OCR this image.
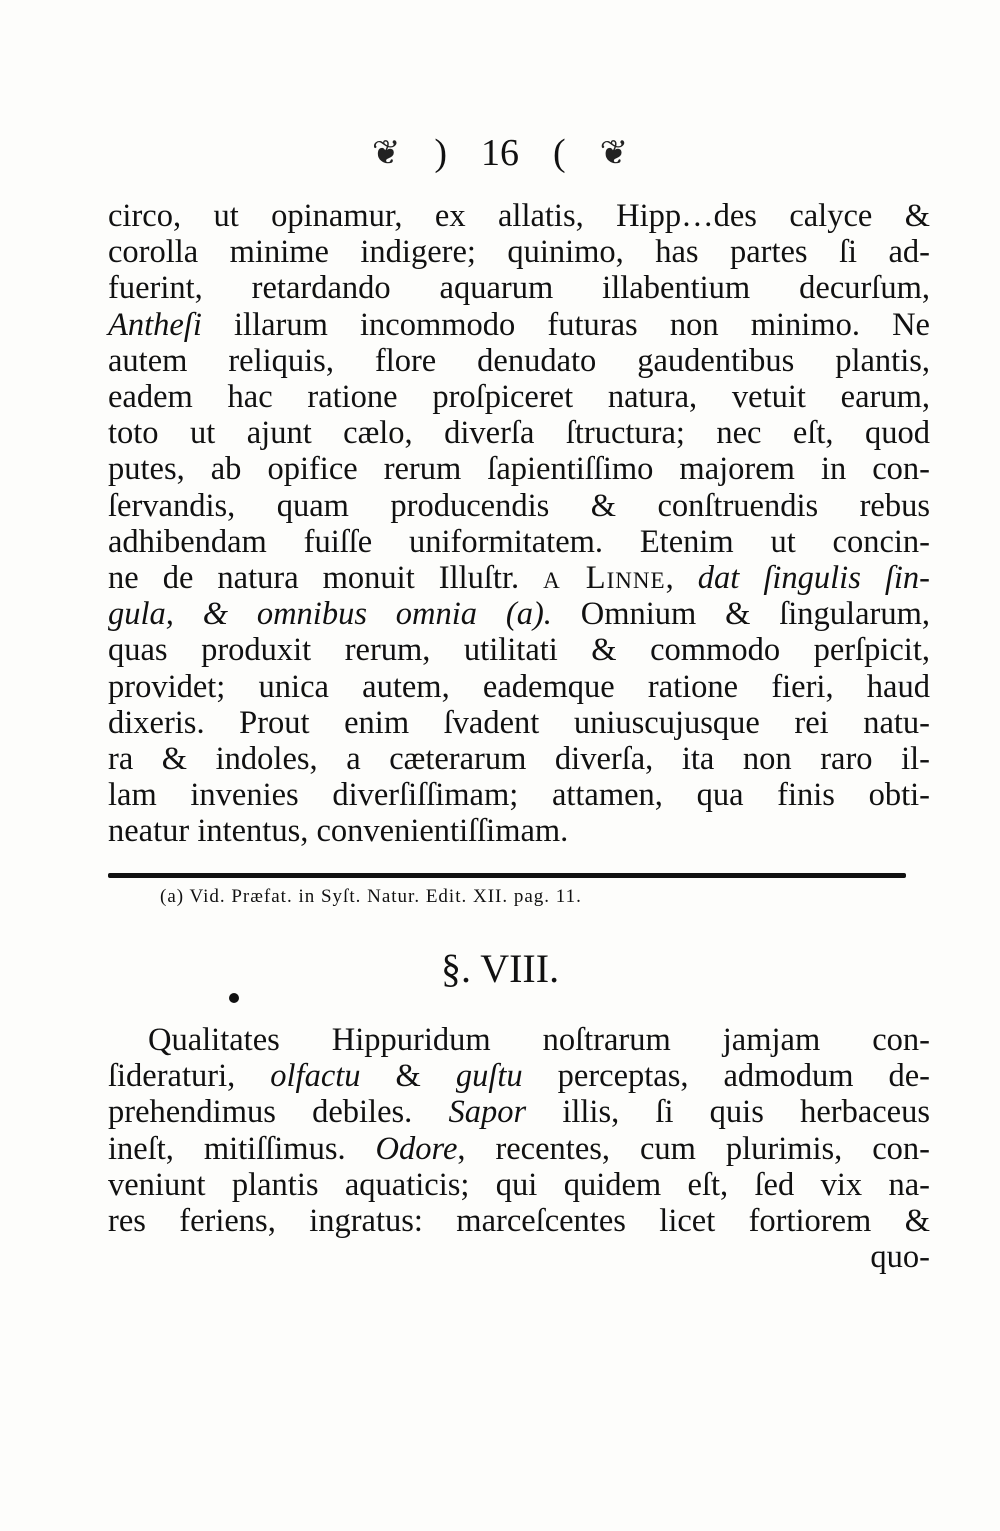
❦ ) 16 ( ❦
circo, ut opinamur, ex allatis, Hipp…des calyce &
corolla minime indigere; quinimo, has partes ſi ad-
fuerint, retardando aquarum illabentium decurſum,
Antheſi illarum incommodo futuras non minimo. Ne
autem reliquis, flore denudato gaudentibus plantis,
eadem hac ratione proſpiceret natura, vetuit earum,
toto ut ajunt cælo, diverſa ſtructura; nec eſt, quod
putes, ab opifice rerum ſapientiſſimo majorem in con-
ſervandis, quam producendis & conſtruendis rebus
adhibendam fuiſſe uniformitatem. Etenim ut concin-
ne de natura monuit Illuſtr. a Linne, dat ſingulis ſin-
gula, & omnibus omnia (a). Omnium & ſingularum,
quas produxit rerum, utilitati & commodo perſpicit,
providet; unica autem, eademque ratione fieri, haud
dixeris. Prout enim ſvadent uniuscujusque rei natu-
ra & indoles, a cæterarum diverſa, ita non raro il-
lam invenies diverſiſſimam; attamen, qua finis obti-
neatur intentus, convenientiſſimam.
(a) Vid. Præfat. in Syſt. Natur. Edit. XII. pag. 11.
§. VIII.
Qualitates Hippuridum noſtrarum jamjam con-
ſideraturi, olfactu & guſtu perceptas, admodum de-
prehendimus debiles. Sapor illis, ſi quis herbaceus
ineſt, mitiſſimus. Odore, recentes, cum plurimis, con-
veniunt plantis aquaticis; qui quidem eſt, ſed vix na-
res feriens, ingratus: marceſcentes licet fortiorem &
quo-
